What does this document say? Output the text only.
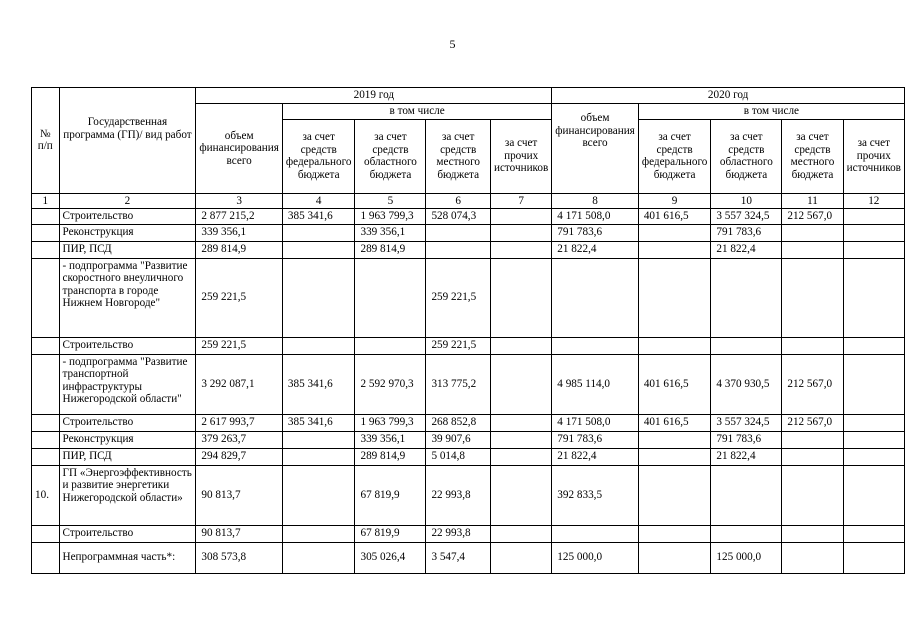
5
№ п/п	Государственная программа (ГП)/ вид работ	2019 год					2020 год				
		объем финансирования всего	в том числе				объем финансирования всего	в том числе			
			за счет средств федерального бюджета	за счет средств областного бюджета	за счет средств местного бюджета	за счет прочих источников		за счет средств федерального бюджета	за счет средств областного бюджета	за счет средств местного бюджета	за счет прочих источников
1	2	3	4	5	6	7	8	9	10	11	12
	Строительство	2 877 215,2	385 341,6	1 963 799,3	528 074,3		4 171 508,0	401 616,5	3 557 324,5	212 567,0	
	Реконструкция	339 356,1		339 356,1			791 783,6		791 783,6		
	ПИР, ПСД	289 814,9		289 814,9			21 822,4		21 822,4		
	- подпрограмма "Развитие скоростного внеуличного транспорта в городе Нижнем Новгороде"	259 221,5			259 221,5						
	Строительство	259 221,5			259 221,5						
	- подпрограмма "Развитие транспортной инфраструктуры Нижегородской области"	3 292 087,1	385 341,6	2 592 970,3	313 775,2		4 985 114,0	401 616,5	4 370 930,5	212 567,0	
	Строительство	2 617 993,7	385 341,6	1 963 799,3	268 852,8		4 171 508,0	401 616,5	3 557 324,5	212 567,0	
	Реконструкция	379 263,7		339 356,1	39 907,6		791 783,6		791 783,6		
	ПИР, ПСД	294 829,7		289 814,9	5 014,8		21 822,4		21 822,4		
10.	ГП «Энергоэффективность и развитие энергетики Нижегородской области»	90 813,7		67 819,9	22 993,8		392 833,5				
	Строительство	90 813,7		67 819,9	22 993,8						
	Непрограммная часть*:	308 573,8		305 026,4	3 547,4		125 000,0		125 000,0		
